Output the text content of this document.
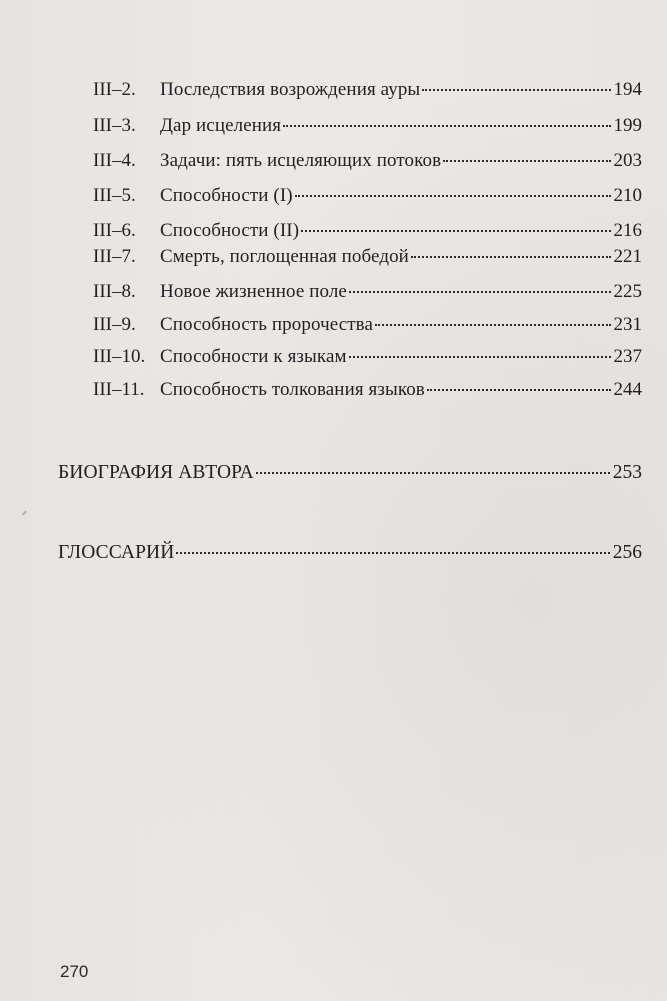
III–2.	Последствия возрождения ауры	194
III–3.	Дар исцеления	199
III–4.	Задачи: пять исцеляющих потоков	203
III–5.	Способности (I)	210
III–6.	Способности (II)	216
III–7.	Смерть, поглощенная победой	221
III–8.	Новое жизненное поле	225
III–9.	Способность пророчества	231
III–10. Способности к языкам	237
III–11. Способность толкования языков	244
БИОГРАФИЯ АВТОРА	253
ГЛОССАРИЙ	256
270
